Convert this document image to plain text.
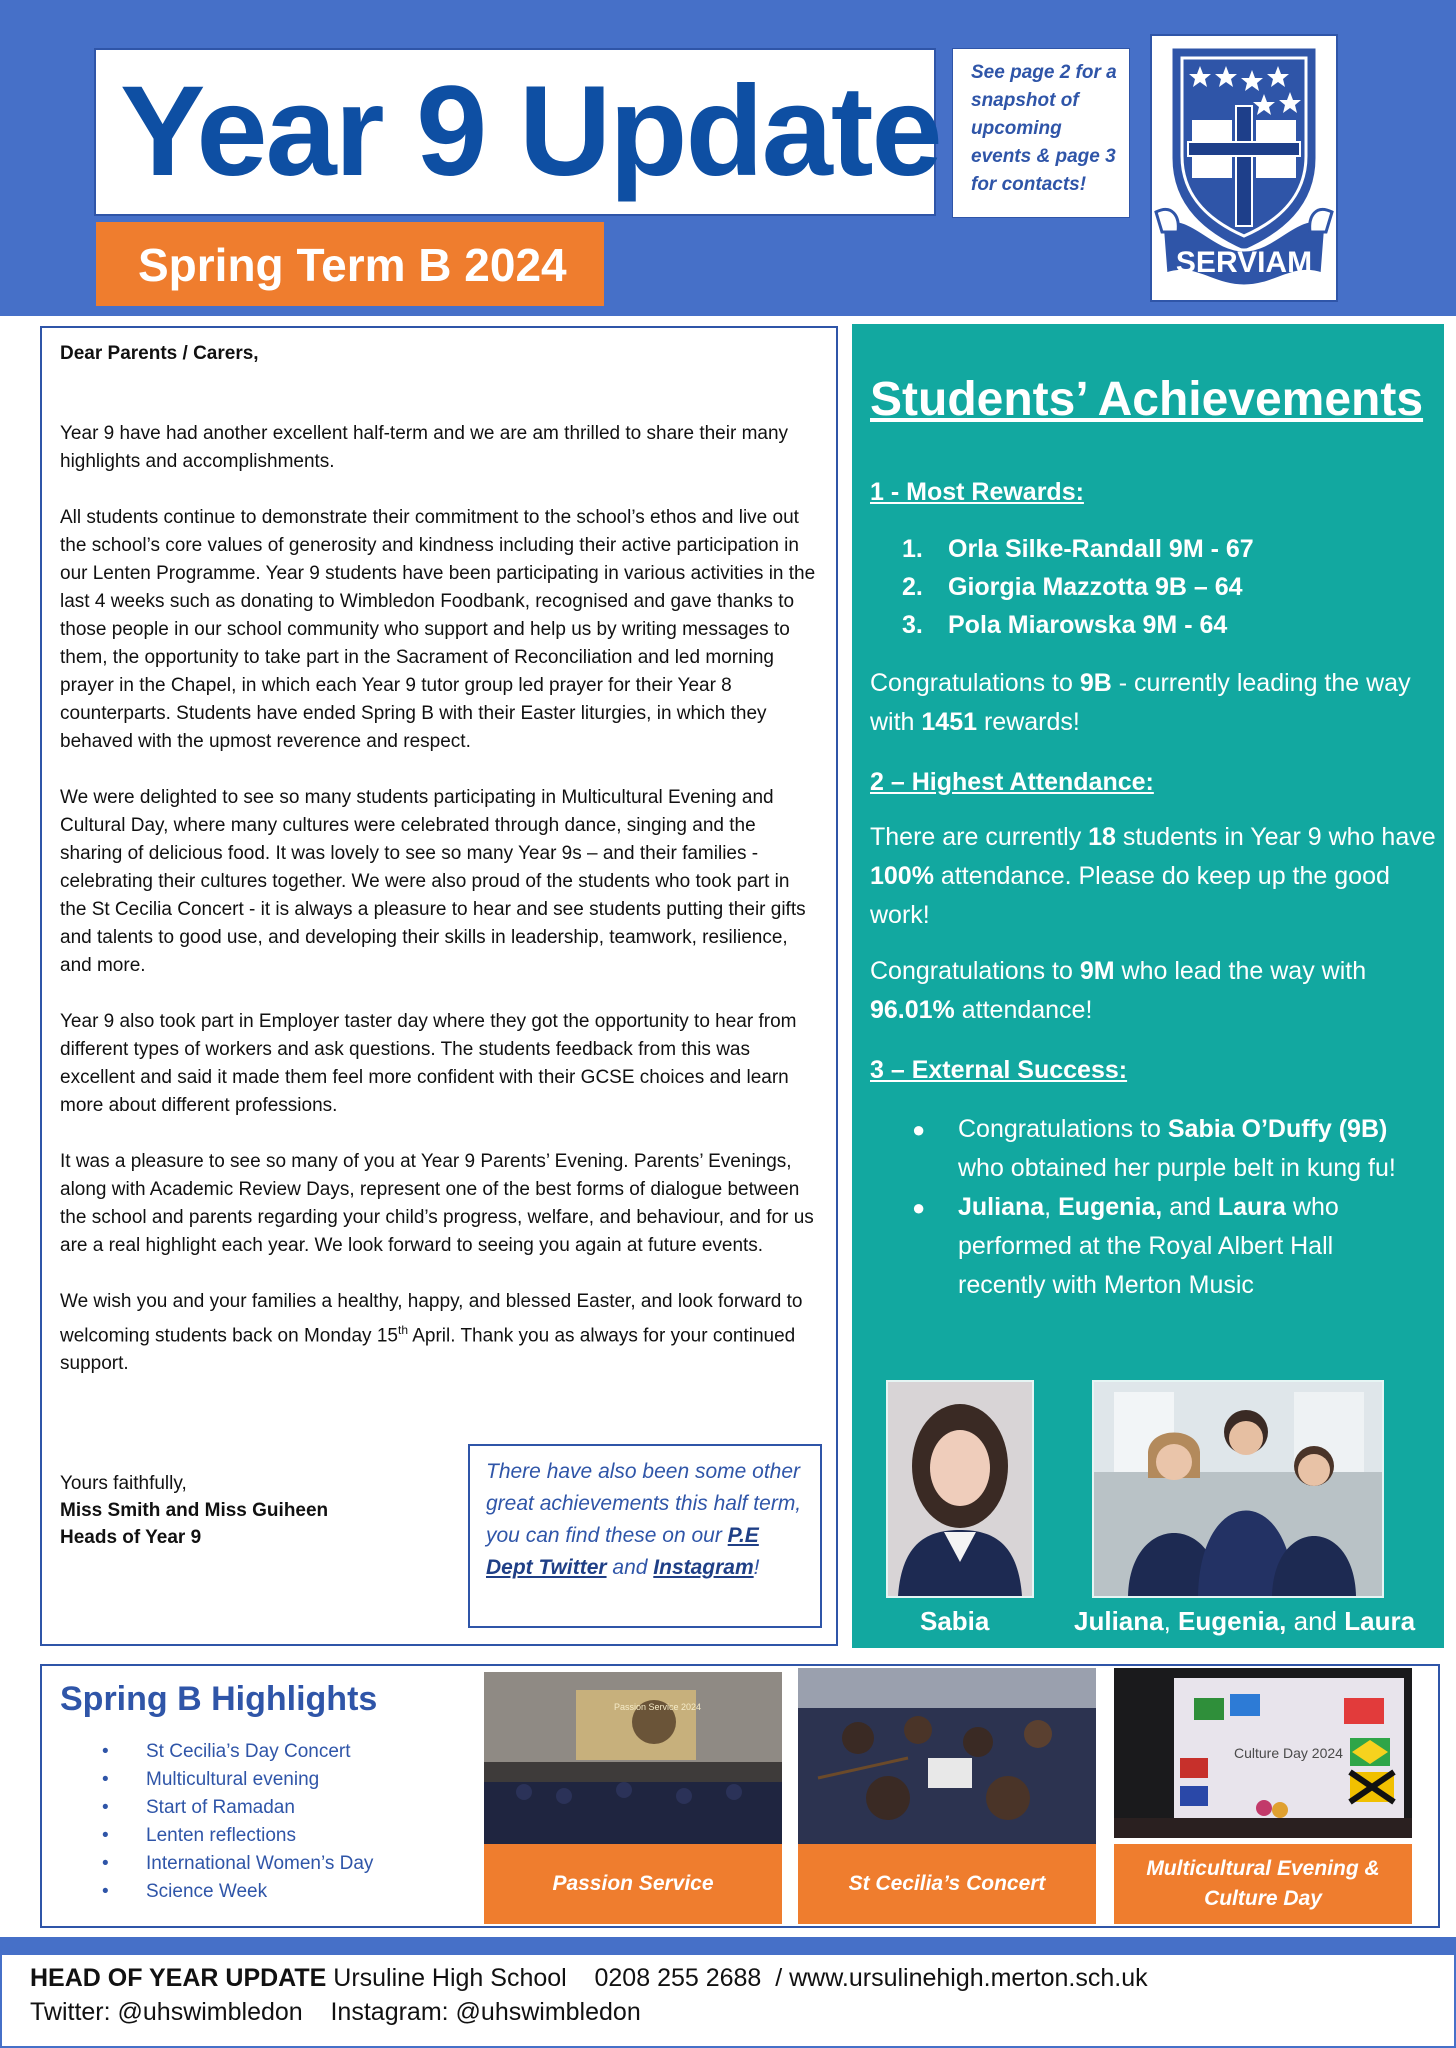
Year 9 Update
Spring Term B 2024
See page 2 for a snapshot of upcoming events & page 3 for contacts!
SERVIAM
Dear Parents / Carers,
Year 9 have had another excellent half-term and we are am thrilled to share their many highlights and accomplishments.
All students continue to demonstrate their commitment to the school’s ethos and live out the school’s core values of generosity and kindness including their active participation in our Lenten Programme. Year 9 students have been participating in various activities in the last 4 weeks such as donating to Wimbledon Foodbank, recognised and gave thanks to those people in our school community who support and help us by writing messages to them, the opportunity to take part in the Sacrament of Reconciliation and led morning prayer in the Chapel, in which each Year 9 tutor group led prayer for their Year 8 counterparts. Students have ended Spring B with their Easter liturgies, in which they behaved with the upmost reverence and respect.
We were delighted to see so many students participating in Multicultural Evening and Cultural Day, where many cultures were celebrated through dance, singing and the sharing of delicious food. It was lovely to see so many Year 9s – and their families - celebrating their cultures together. We were also proud of the students who took part in the St Cecilia Concert - it is always a pleasure to hear and see students putting their gifts and talents to good use, and developing their skills in leadership, teamwork, resilience, and more.
Year 9 also took part in Employer taster day where they got the opportunity to hear from different types of workers and ask questions. The students feedback from this was excellent and said it made them feel more confident with their GCSE choices and learn more about different professions.
It was a pleasure to see so many of you at Year 9 Parents’ Evening. Parents’ Evenings, along with Academic Review Days, represent one of the best forms of dialogue between the school and parents regarding your child’s progress, welfare, and behaviour, and for us are a real highlight each year. We look forward to seeing you again at future events.
We wish you and your families a healthy, happy, and blessed Easter, and look forward to welcoming students back on Monday 15th April. Thank you as always for your continued support.
Yours faithfully,
Miss Smith and Miss Guiheen
Heads of Year 9
There have also been some other great achievements this half term, you can find these on our P.E Dept Twitter and Instagram!
Students’ Achievements
1 - Most Rewards:
1.	Orla Silke-Randall 9M - 67
2.	Giorgia Mazzotta 9B – 64
3.	Pola Miarowska 9M - 64
Congratulations to 9B - currently leading the way with 1451 rewards!
2 – Highest Attendance:
There are currently 18 students in Year 9 who have 100% attendance. Please do keep up the good work!
Congratulations to 9M who lead the way with 96.01% attendance!
3 – External Success:
●	Congratulations to Sabia O’Duffy (9B) who obtained her purple belt in kung fu!
●	Juliana, Eugenia, and Laura who performed at the Royal Albert Hall recently with Merton Music
Sabia	Juliana, Eugenia, and Laura
Spring B Highlights
•	St Cecilia’s Day Concert
•	Multicultural evening
•	Start of Ramadan
•	Lenten reflections
•	International Women’s Day
•	Science Week
Passion Service 2024
Passion Service	St Cecilia’s Concert
Culture Day 2024
Multicultural Evening & Culture Day
HEAD OF YEAR UPDATE Ursuline High School    0208 255 2688  / www.ursulinehigh.merton.sch.uk
Twitter: @uhswimbledon    Instagram: @uhswimbledon
